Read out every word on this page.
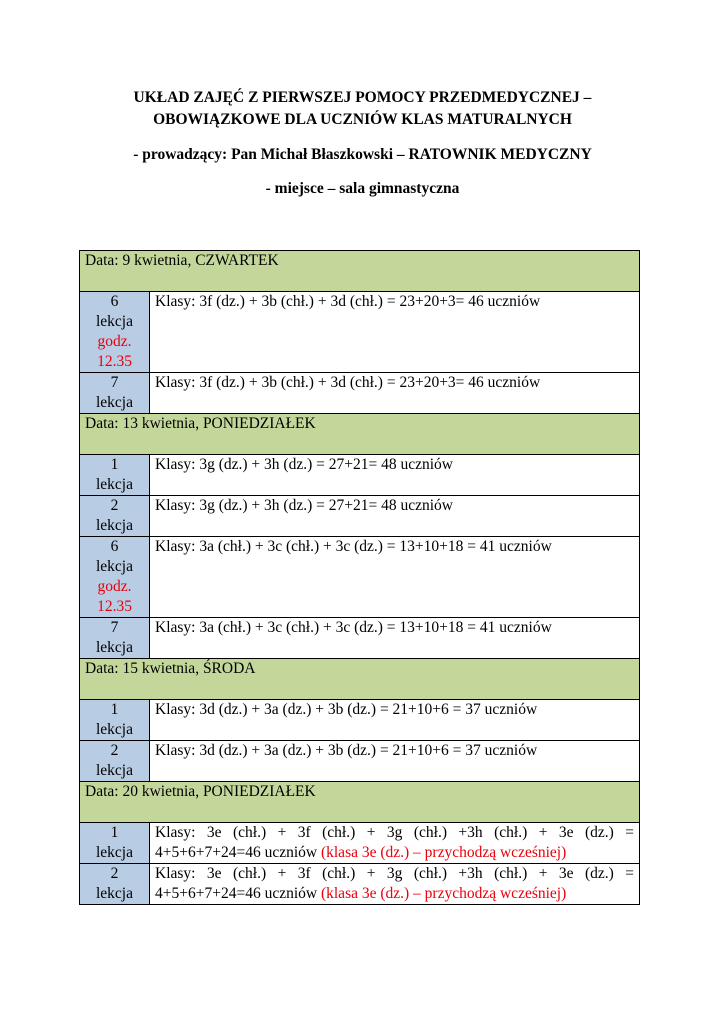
UKŁAD ZAJĘĆ Z PIERWSZEJ POMOCY PRZEDMEDYCZNEJ –
OBOWIĄZKOWE DLA UCZNIÓW KLAS MATURALNYCH
- prowadzący: Pan Michał Błaszkowski – RATOWNIK MEDYCZNY
- miejsce – sala gimnastyczna
Data: 9 kwietnia, CZWARTEK	

6
lekcja
godz.
12.35	Klasy: 3f (dz.) + 3b (chł.) + 3d (chł.) = 23+20+3= 46 uczniów

7
lekcja	Klasy: 3f (dz.) + 3b (chł.) + 3d (chł.) = 23+20+3= 46 uczniów
Data: 13 kwietnia, PONIEDZIAŁEK	

1
lekcja	Klasy: 3g (dz.) + 3h (dz.) = 27+21= 48 uczniów

2
lekcja	Klasy: 3g (dz.) + 3h (dz.) = 27+21= 48 uczniów

6
lekcja
godz.
12.35	Klasy: 3a (chł.) + 3c (chł.) + 3c (dz.) = 13+10+18 = 41 uczniów

7
lekcja	Klasy: 3a (chł.) + 3c (chł.) + 3c (dz.) = 13+10+18 = 41 uczniów
Data: 15 kwietnia, ŚRODA	

1
lekcja	Klasy: 3d (dz.) + 3a (dz.) + 3b (dz.) = 21+10+6 = 37 uczniów

2
lekcja	Klasy: 3d (dz.) + 3a (dz.) + 3b (dz.) = 21+10+6 = 37 uczniów
Data: 20 kwietnia, PONIEDZIAŁEK	

1
lekcja	Klasy: 3e (chł.) + 3f (chł.) + 3g (chł.) +3h (chł.) + 3e (dz.) = 4+5+6+7+24=46 uczniów (klasa 3e (dz.) – przychodzą wcześniej)

2
lekcja	Klasy: 3e (chł.) + 3f (chł.) + 3g (chł.) +3h (chł.) + 3e (dz.) = 4+5+6+7+24=46 uczniów (klasa 3e (dz.) – przychodzą wcześniej)
